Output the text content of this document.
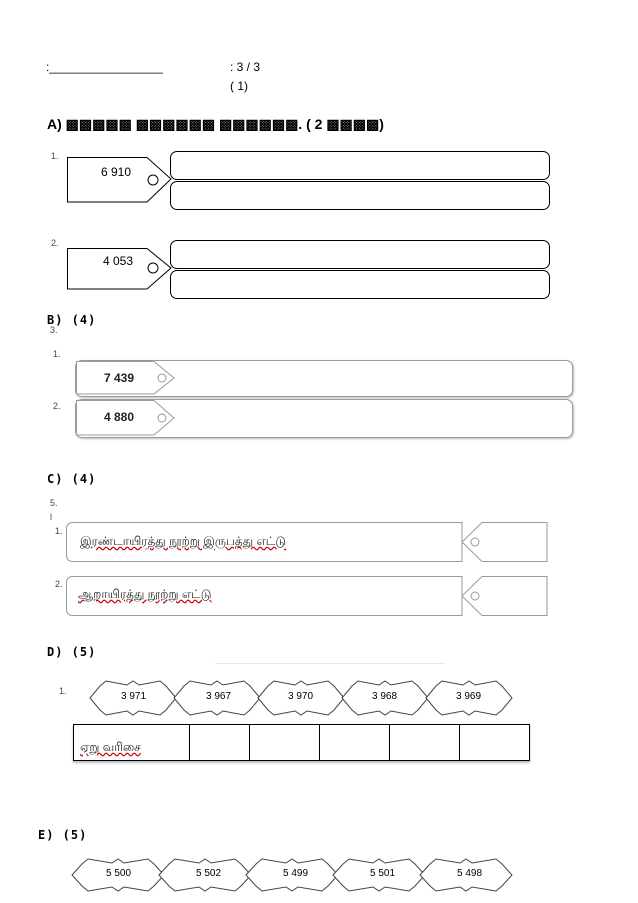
:_________________	: 3 / 3
( 1)
A) ▩▩▩▩▩ ▩▩▩▩▩▩ ▩▩▩▩▩▩. ( 2 ▩▩▩▩)
1.
6 910
2.
4 053
B) (4)
3.
1.
7 439
2.
4 880
C) (4)
5.
l
1.
இரண்டாயிரத்து நூற்று இருபத்து எட்டு
2.
ஆறாயிரத்து நூற்று எட்டு
D) (5)
1.	3 971	3 967	3 970	3 968	3 969
ஏறு வரிசை
E) (5)
5 500	5 502	5 499	5 501	5 498
